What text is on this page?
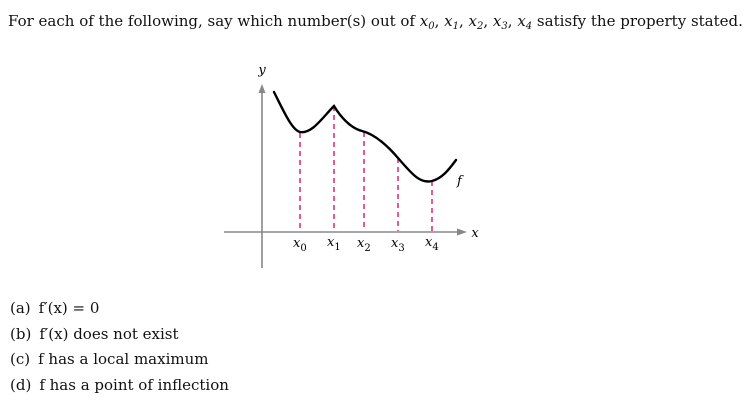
For each of the following, say which number(s) out of $x_0$, $x_1$, $x_2$, $x_3$, $x_4$ satisfy the property stated.
y
x
f
$x_0$ $x_1$ $x_2$ $x_3$ $x_4$
(a) f′(x) = 0
(b) f′(x) does not exist
(c) f has a local maximum
(d) f has a point of inflection
